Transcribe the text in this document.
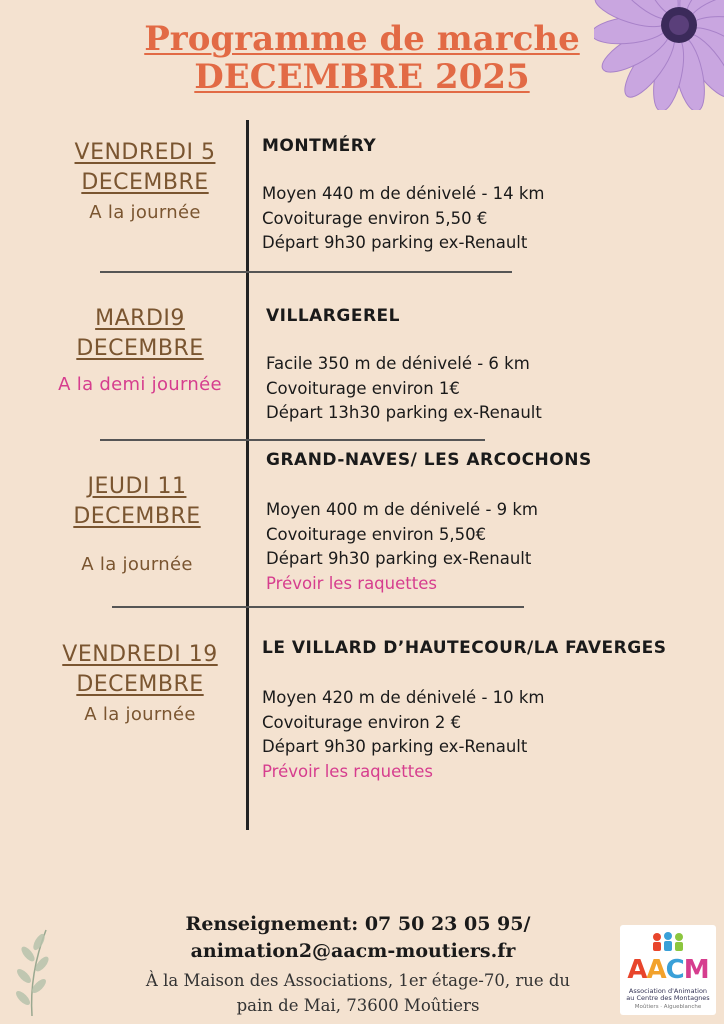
Programme de marche
DECEMBRE 2025
VENDREDI 5
DECEMBRE
A la journée
MONTMÉRY
Moyen 440 m de dénivelé - 14 km
Covoiturage environ 5,50 €
Départ 9h30 parking ex-Renault
MARDI9
DECEMBRE
A la demi journée
VILLARGEREL
Facile 350 m de dénivelé - 6 km
Covoiturage environ 1€
Départ 13h30 parking ex-Renault
JEUDI 11
DECEMBRE
A la journée
GRAND-NAVES/ LES ARCOCHONS
Moyen 400 m de dénivelé - 9 km
Covoiturage environ 5,50€
Départ 9h30 parking ex-Renault
Prévoir les raquettes
VENDREDI 19
DECEMBRE
A la journée
LE VILLARD D’HAUTECOUR/LA FAVERGES
Moyen 420 m de dénivelé - 10 km
Covoiturage environ 2 €
Départ 9h30 parking ex-Renault
Prévoir les raquettes
Renseignement: 07 50 23 05 95/
animation2@aacm-moutiers.fr
À la Maison des Associations, 1er étage-70, rue du
pain de Mai, 73600 Moûtiers
AACM
Association d'Animation
au Centre des Montagnes
Moûtiers · Aigueblanche
